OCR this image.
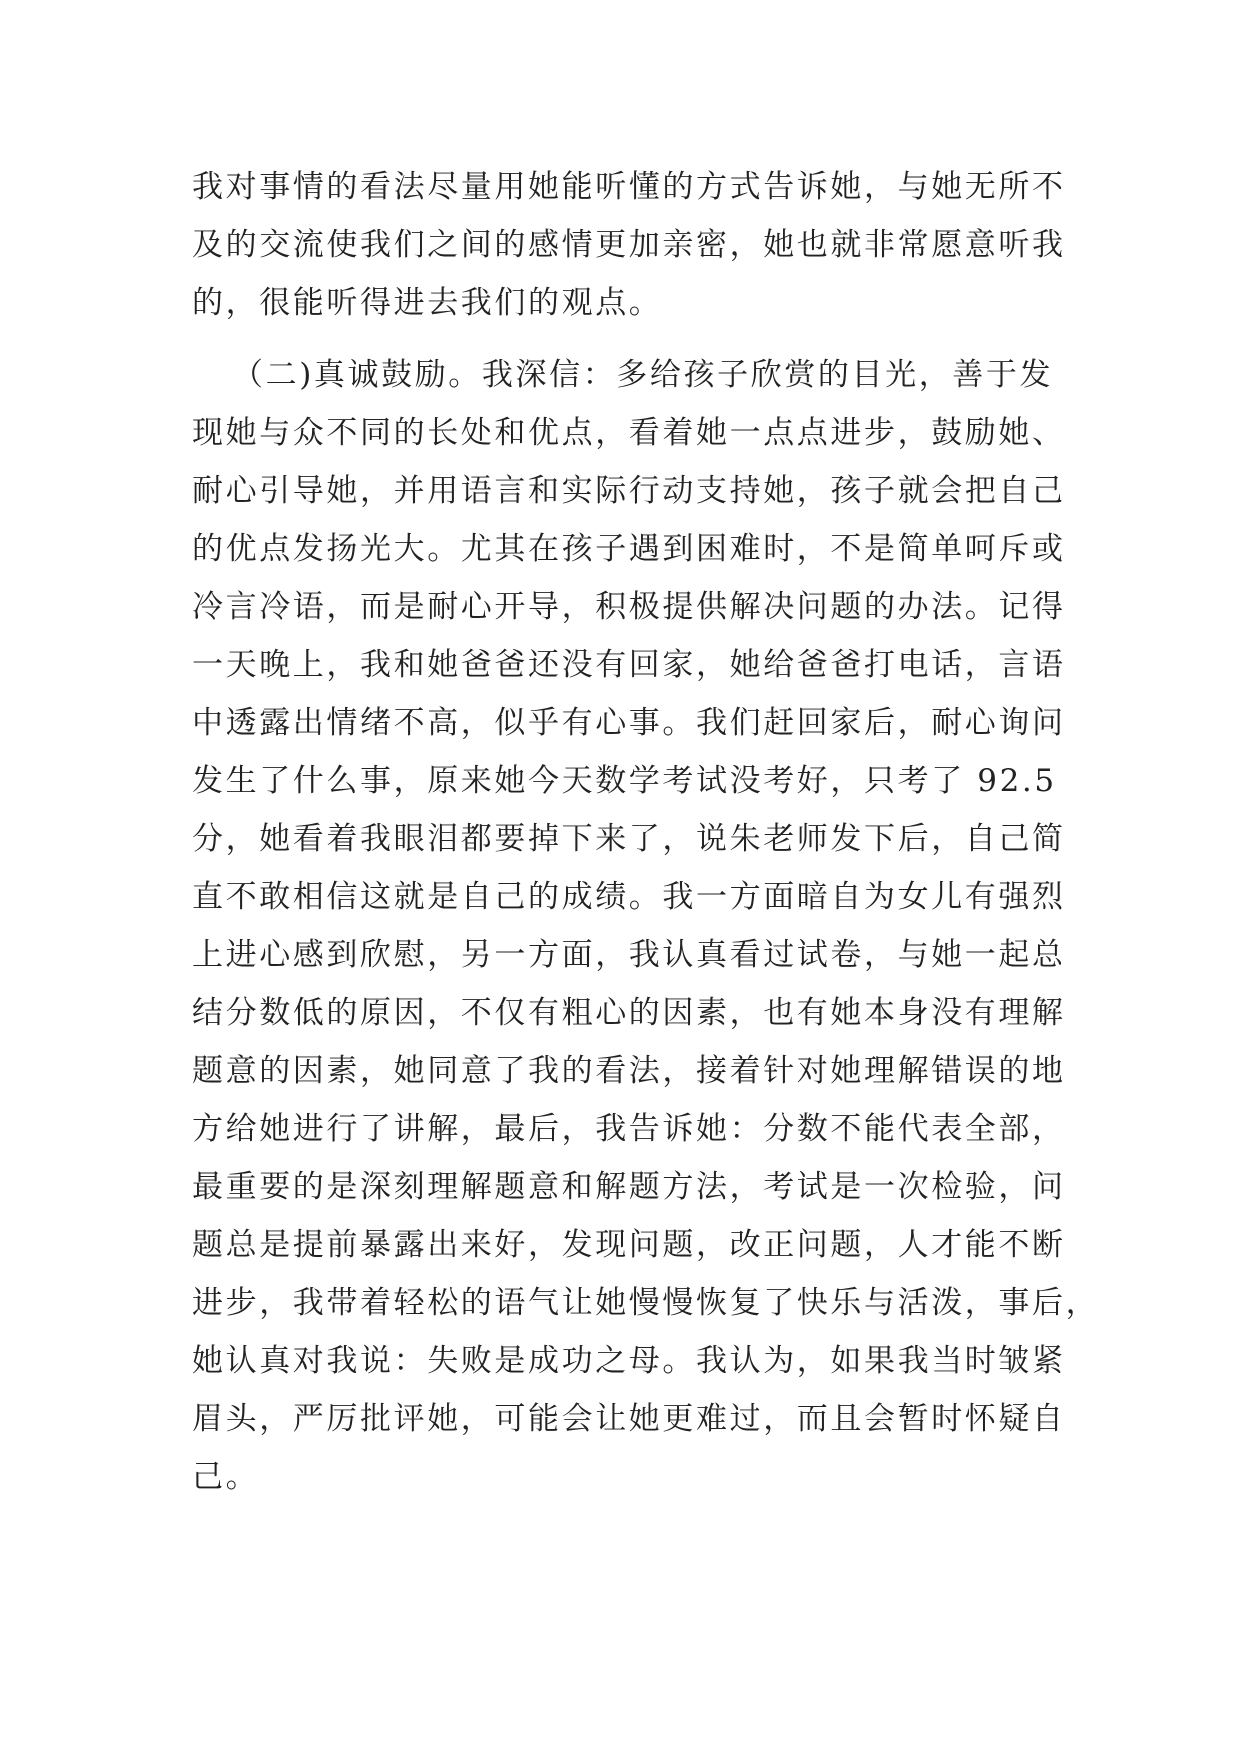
我对事情的看法尽量用她能听懂的方式告诉她，与她无所不
及的交流使我们之间的感情更加亲密，她也就非常愿意听我
的，很能听得进去我们的观点。
（二)真诚鼓励。我深信：多给孩子欣赏的目光，善于发
现她与众不同的长处和优点，看着她一点点进步，鼓励她、
耐心引导她，并用语言和实际行动支持她，孩子就会把自己
的优点发扬光大。尤其在孩子遇到困难时，不是简单呵斥或
冷言冷语，而是耐心开导，积极提供解决问题的办法。记得
一天晚上，我和她爸爸还没有回家，她给爸爸打电话，言语
中透露出情绪不高，似乎有心事。我们赶回家后，耐心询问
发生了什么事，原来她今天数学考试没考好，只考了 92.5
分，她看着我眼泪都要掉下来了，说朱老师发下后，自己简
直不敢相信这就是自己的成绩。我一方面暗自为女儿有强烈
上进心感到欣慰，另一方面，我认真看过试卷，与她一起总
结分数低的原因，不仅有粗心的因素，也有她本身没有理解
题意的因素，她同意了我的看法，接着针对她理解错误的地
方给她进行了讲解，最后，我告诉她：分数不能代表全部，
最重要的是深刻理解题意和解题方法，考试是一次检验，问
题总是提前暴露出来好，发现问题，改正问题，人才能不断
进步，我带着轻松的语气让她慢慢恢复了快乐与活泼，事后，
她认真对我说：失败是成功之母。我认为，如果我当时皱紧
眉头，严厉批评她，可能会让她更难过，而且会暂时怀疑自
己。
